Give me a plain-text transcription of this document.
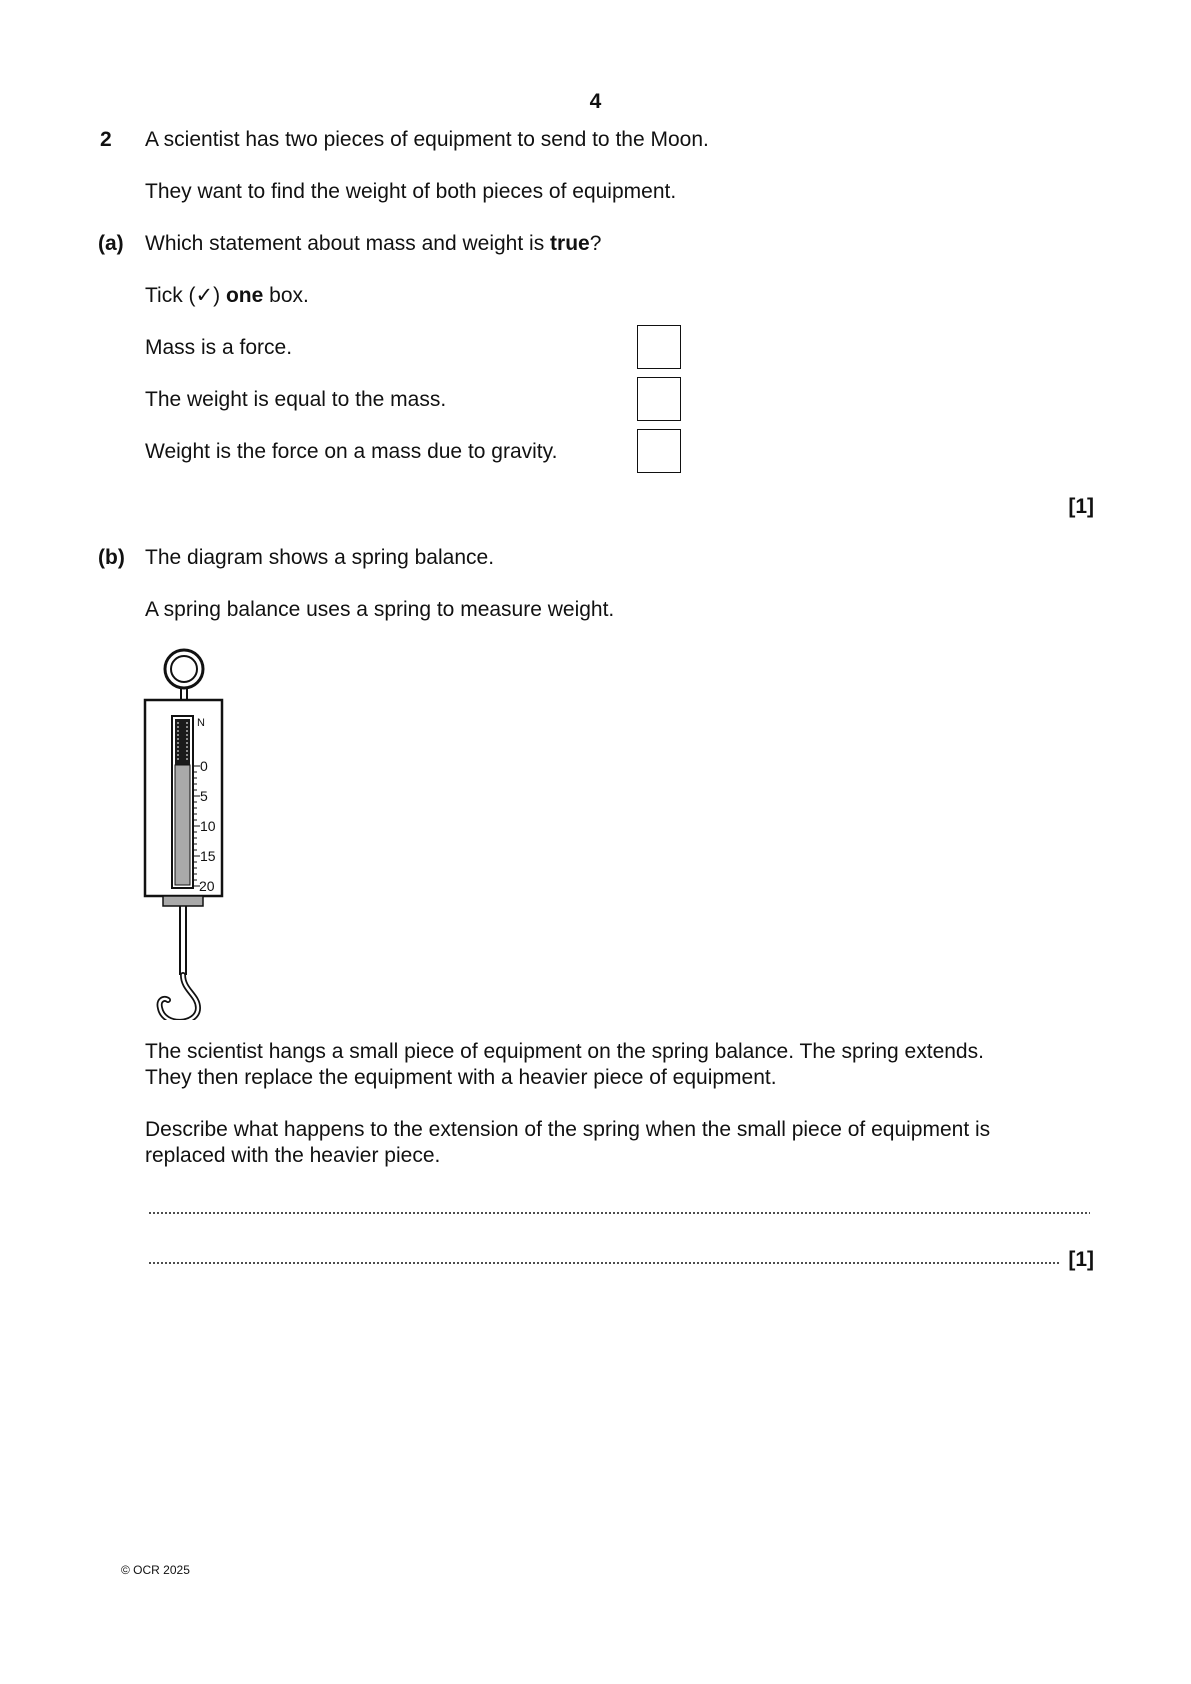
4
2 A scientist has two pieces of equipment to send to the Moon.
They want to find the weight of both pieces of equipment.
(a) Which statement about mass and weight is true?
Tick (✓) one box.
Mass is a force.
The weight is equal to the mass.
Weight is the force on a mass due to gravity.
[1]
(b) The diagram shows a spring balance.
A spring balance uses a spring to measure weight.
N
0
5
10
15
20
The scientist hangs a small piece of equipment on the spring balance. The spring extends.
They then replace the equipment with a heavier piece of equipment.
Describe what happens to the extension of the spring when the small piece of equipment is
replaced with the heavier piece.
[1]
© OCR 2025
